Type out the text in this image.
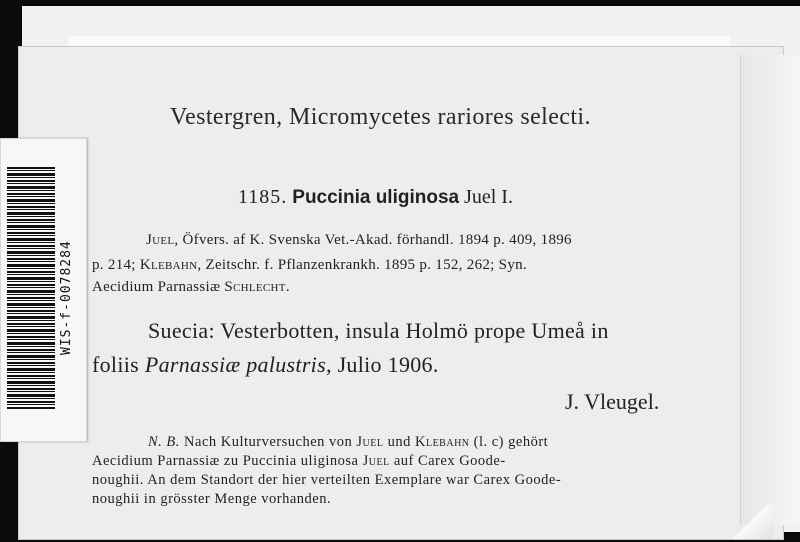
Vestergren, Micromycetes rariores selecti.
1185. Puccinia uliginosa Juel I.
Juel, Öfvers. af K. Svenska Vet.-Akad. förhandl. 1894 p. 409, 1896
p. 214; Klebahn, Zeitschr. f. Pflanzenkrankh. 1895 p. 152, 262; Syn.
Aecidium Parnassiæ Schlecht.
Suecia: Vesterbotten, insula Holmö prope Umeå in
foliis Parnassiæ palustris, Julio 1906.
J. Vleugel.
N. B. Nach Kulturversuchen von Juel und Klebahn (l. c) gehört
Aecidium Parnassiæ zu Puccinia uliginosa Juel auf Carex Goode-
noughii. An dem Standort der hier verteilten Exemplare war Carex Goode-
noughii in grösster Menge vorhanden.
WIS-f-0078284
